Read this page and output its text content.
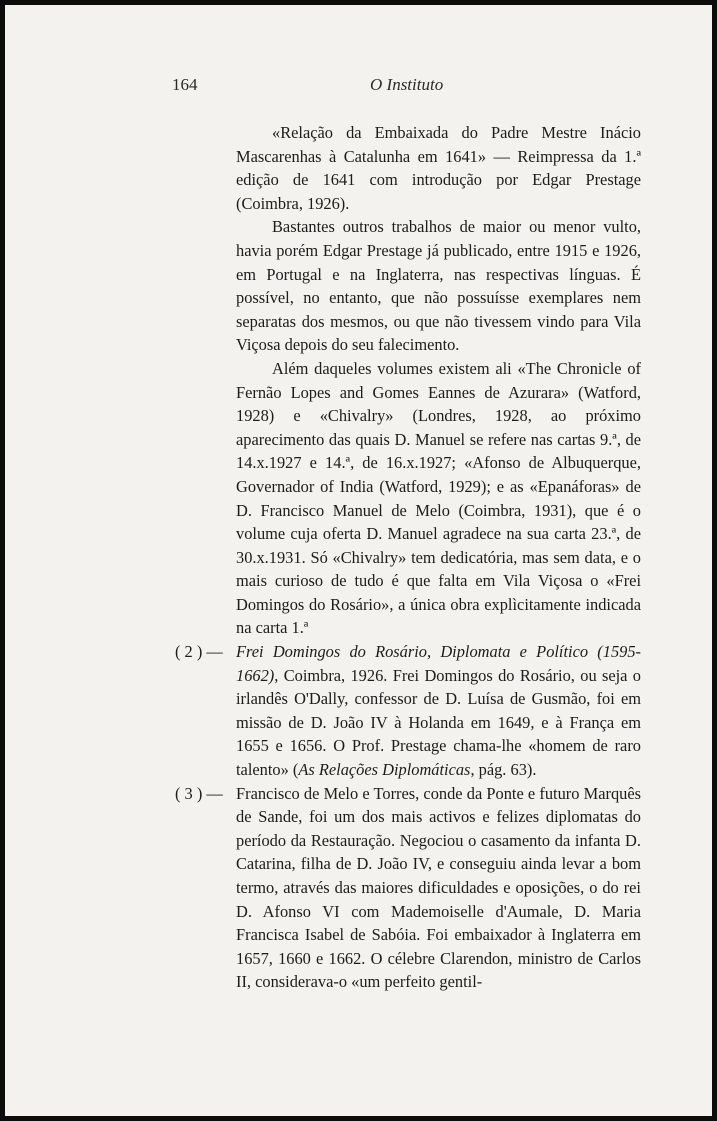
164	O Instituto

«Relação da Embaixada do Padre Mestre Inácio Mascarenhas à Catalunha em 1641» — Reimpressa da 1.ª edição de 1641 com introdução por Edgar Prestage (Coimbra, 1926).

Bastantes outros trabalhos de maior ou menor vulto, havia porém Edgar Prestage já publicado, entre 1915 e 1926, em Portugal e na Inglaterra, nas respectivas línguas. É possível, no entanto, que não possuísse exemplares nem separatas dos mesmos, ou que não tivessem vindo para Vila Viçosa depois do seu falecimento.

Além daqueles volumes existem ali «The Chronicle of Fernão Lopes and Gomes Eannes de Azurara» (Watford, 1928) e «Chivalry» (Londres, 1928, ao próximo aparecimento das quais D. Manuel se refere nas cartas 9.ª, de 14.x.1927 e 14.ª, de 16.x.1927; «Afonso de Albuquerque, Governador of India (Watford, 1929); e as «Epanáforas» de D. Francisco Manuel de Melo (Coimbra, 1931), que é o volume cuja oferta D. Manuel agradece na sua carta 23.ª, de 30.x.1931. Só «Chivalry» tem dedicatória, mas sem data, e o mais curioso de tudo é que falta em Vila Viçosa o «Frei Domingos do Rosário», a única obra explìcitamente indicada na carta 1.ª

( 2 ) — Frei Domingos do Rosário, Diplomata e Político (1595-1662), Coimbra, 1926. Frei Domingos do Rosário, ou seja o irlandês O'Dally, confessor de D. Luísa de Gusmão, foi em missão de D. João IV à Holanda em 1649, e à França em 1655 e 1656. O Prof. Prestage chama-lhe «homem de raro talento» (As Relações Diplomáticas, pág. 63).

( 3 ) — Francisco de Melo e Torres, conde da Ponte e futuro Marquês de Sande, foi um dos mais activos e felizes diplomatas do período da Restauração. Negociou o casamento da infanta D. Catarina, filha de D. João IV, e conseguiu ainda levar a bom termo, através das maiores dificuldades e oposições, o do rei D. Afonso VI com Mademoiselle d'Aumale, D. Maria Francisca Isabel de Sabóia. Foi embaixador à Inglaterra em 1657, 1660 e 1662. O célebre Clarendon, ministro de Carlos II, considerava-o «um perfeito gentil-
